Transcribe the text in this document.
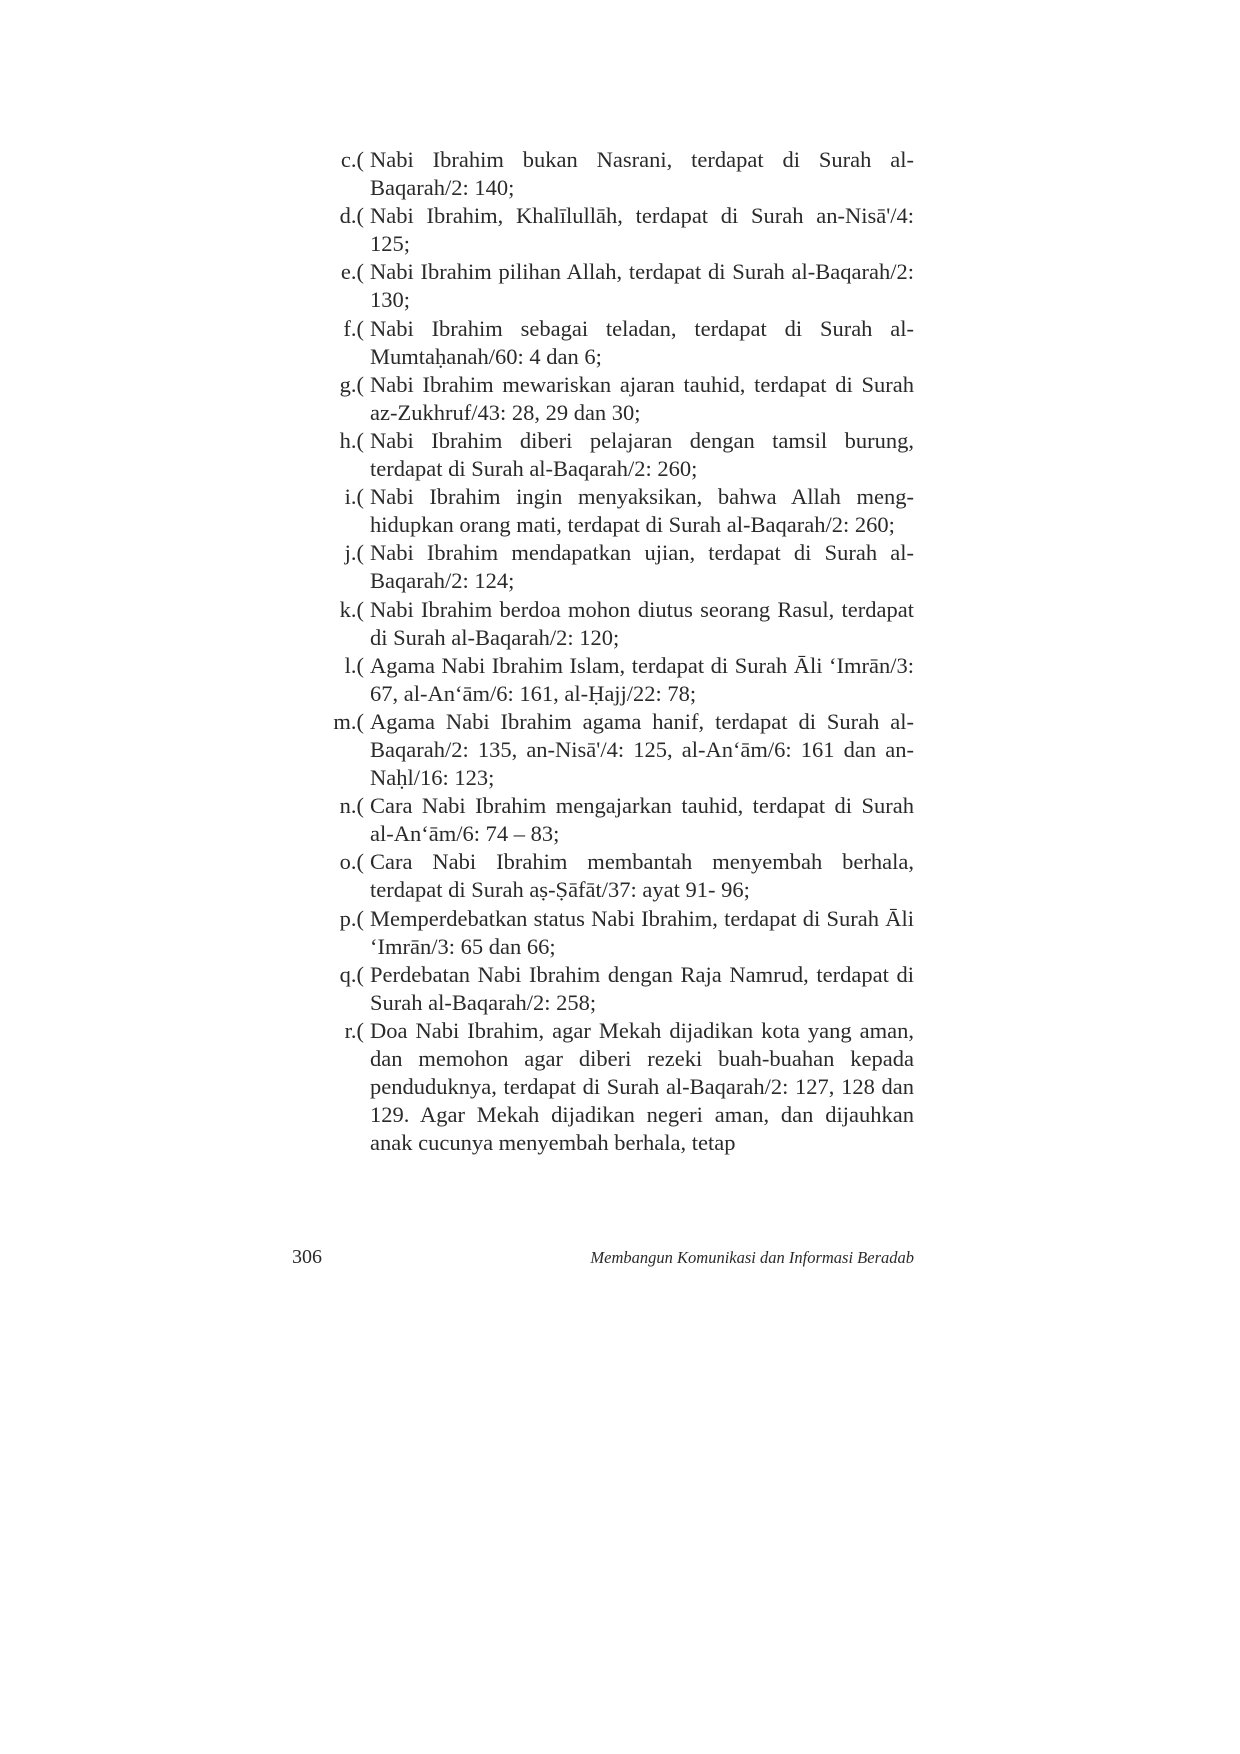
c.( Nabi Ibrahim bukan Nasrani, terdapat di Surah al-Baqarah/2: 140;
d.( Nabi Ibrahim, Khalīlullāh, terdapat di Surah an-Nisā'/4: 125;
e.( Nabi Ibrahim pilihan Allah, terdapat di Surah al-Baqarah/2: 130;
f.( Nabi Ibrahim sebagai teladan, terdapat di Surah al-Mumtaḥanah/60: 4 dan 6;
g.( Nabi Ibrahim mewariskan ajaran tauhid, terdapat di Surah az-Zukhruf/43: 28, 29 dan 30;
h.( Nabi Ibrahim diberi pelajaran dengan tamsil burung, terdapat di Surah al-Baqarah/2: 260;
i.( Nabi Ibrahim ingin menyaksikan, bahwa Allah meng-hidupkan orang mati, terdapat di Surah al-Baqarah/2: 260;
j.( Nabi Ibrahim mendapatkan ujian, terdapat di Surah al-Baqarah/2: 124;
k.( Nabi Ibrahim berdoa mohon diutus seorang Rasul, terdapat di Surah al-Baqarah/2: 120;
l.( Agama Nabi Ibrahim Islam, terdapat di Surah Āli ‘Imrān/3: 67, al-An‘ām/6: 161, al-Ḥajj/22: 78;
m.( Agama Nabi Ibrahim agama hanif, terdapat di Surah al-Baqarah/2: 135, an-Nisā'/4: 125, al-An‘ām/6: 161 dan an-Naḥl/16: 123;
n.( Cara Nabi Ibrahim mengajarkan tauhid, terdapat di Surah al-An‘ām/6: 74 – 83;
o.( Cara Nabi Ibrahim membantah menyembah berhala, terdapat di Surah aṣ-Ṣāfāt/37: ayat 91- 96;
p.( Memperdebatkan status Nabi Ibrahim, terdapat di Surah Āli ‘Imrān/3: 65 dan 66;
q.( Perdebatan Nabi Ibrahim dengan Raja Namrud, terdapat di Surah al-Baqarah/2: 258;
r.( Doa Nabi Ibrahim, agar Mekah dijadikan kota yang aman, dan memohon agar diberi rezeki buah-buahan kepada penduduknya, terdapat di Surah al-Baqarah/2: 127, 128 dan 129. Agar Mekah dijadikan negeri aman, dan dijauhkan anak cucunya menyembah berhala, tetap
306	Membangun Komunikasi dan Informasi Beradab
